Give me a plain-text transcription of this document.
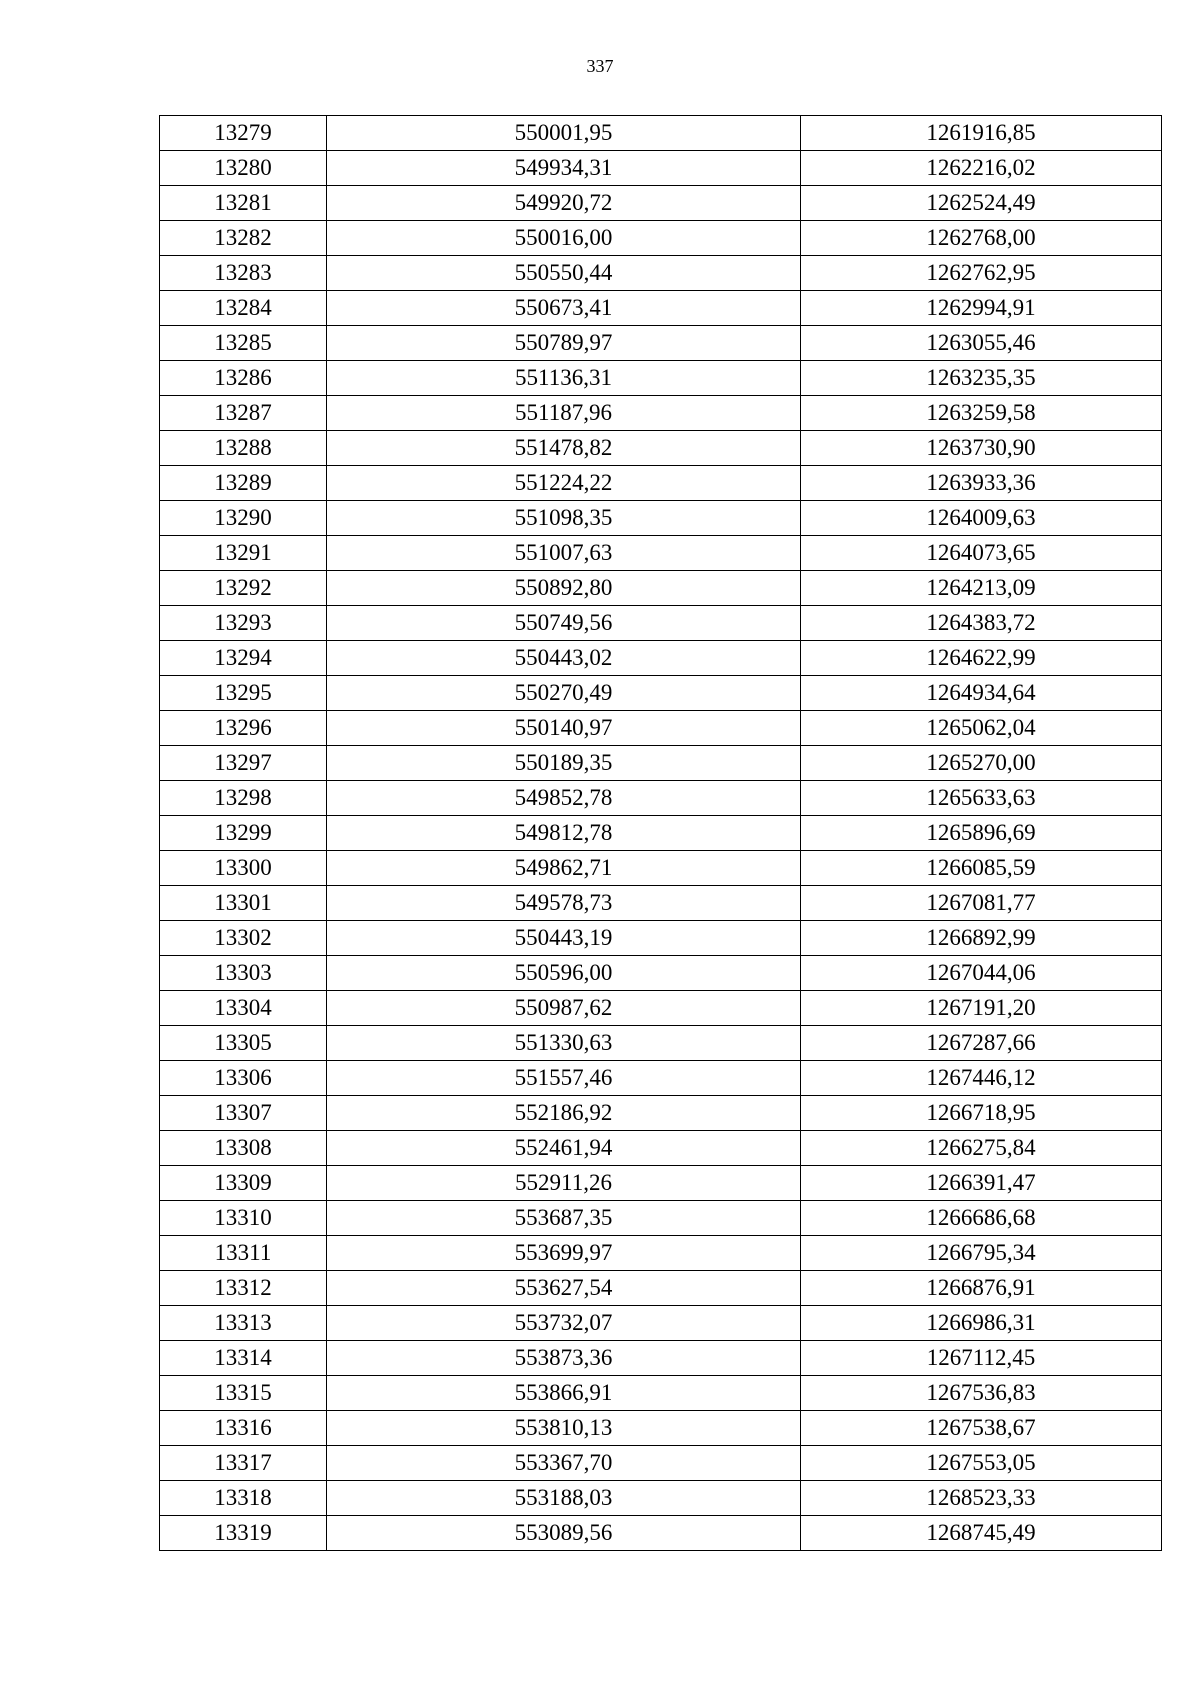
337
13279	550001,95	1261916,85
13280	549934,31	1262216,02
13281	549920,72	1262524,49
13282	550016,00	1262768,00
13283	550550,44	1262762,95
13284	550673,41	1262994,91
13285	550789,97	1263055,46
13286	551136,31	1263235,35
13287	551187,96	1263259,58
13288	551478,82	1263730,90
13289	551224,22	1263933,36
13290	551098,35	1264009,63
13291	551007,63	1264073,65
13292	550892,80	1264213,09
13293	550749,56	1264383,72
13294	550443,02	1264622,99
13295	550270,49	1264934,64
13296	550140,97	1265062,04
13297	550189,35	1265270,00
13298	549852,78	1265633,63
13299	549812,78	1265896,69
13300	549862,71	1266085,59
13301	549578,73	1267081,77
13302	550443,19	1266892,99
13303	550596,00	1267044,06
13304	550987,62	1267191,20
13305	551330,63	1267287,66
13306	551557,46	1267446,12
13307	552186,92	1266718,95
13308	552461,94	1266275,84
13309	552911,26	1266391,47
13310	553687,35	1266686,68
13311	553699,97	1266795,34
13312	553627,54	1266876,91
13313	553732,07	1266986,31
13314	553873,36	1267112,45
13315	553866,91	1267536,83
13316	553810,13	1267538,67
13317	553367,70	1267553,05
13318	553188,03	1268523,33
13319	553089,56	1268745,49
